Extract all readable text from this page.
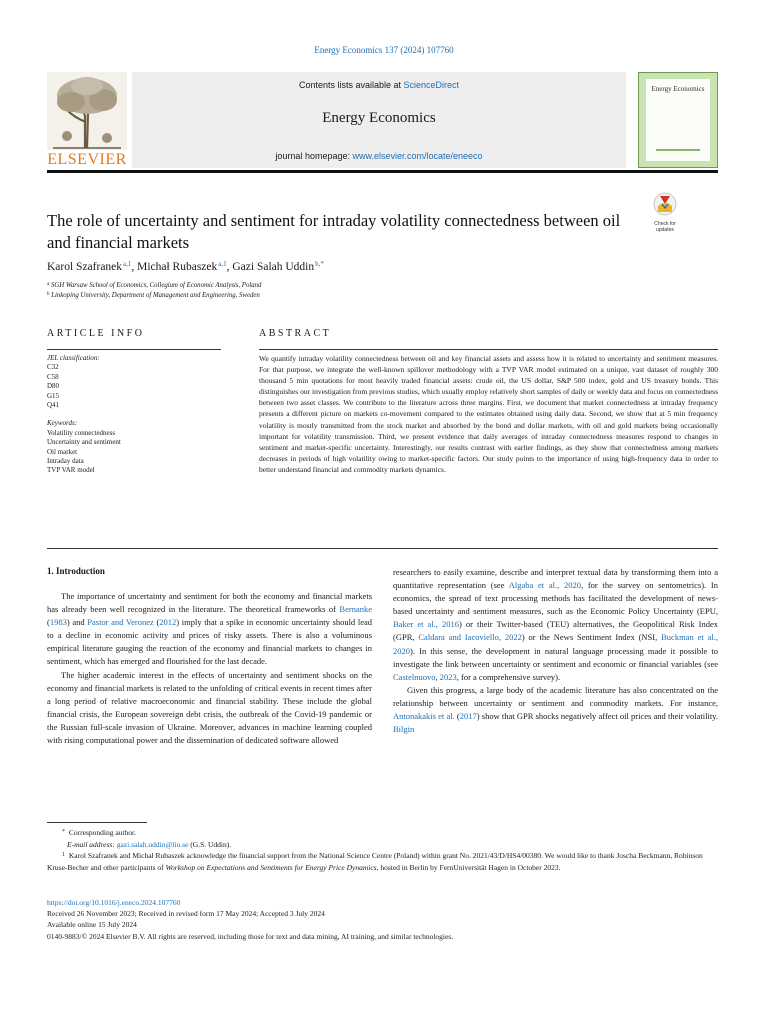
Energy Economics 137 (2024) 107760
ELSEVIER
Contents lists available at ScienceDirect
Energy Economics
journal homepage: www.elsevier.com/locate/eneeco
Energy Economics
The role of uncertainty and sentiment for intraday volatility connectedness between oil and financial markets
Check for updates
Karol Szafranek $^{a,1}$, Michał Rubaszek $^{a,1}$, Gazi Salah Uddin $^{b,*}$
$^a$ SGH Warsaw School of Economics, Collegium of Economic Analysis, Poland
$^b$ Linkoping University, Department of Management and Engineering, Sweden
ARTICLE INFO	ABSTRACT
JEL classification:
C32
C58
D80
G15
Q41
Keywords:
Volatility connectedness
Uncertainty and sentiment
Oil market
Intraday data
TVP VAR model
We quantify intraday volatility connectedness between oil and key financial assets and assess how it is related to uncertainty and sentiment measures. For that purpose, we integrate the well-known spillover methodology with a TVP VAR model estimated on a unique, vast dataset of roughly 300 thousand 5 min quotations for most heavily traded financial assets: crude oil, the US dollar, S&P 500 index, gold and US treasury bonds. This distinguishes our investigation from previous studies, which usually employ relatively short samples of daily or weekly data and focus on connectedness between two asset classes. We contribute to the literature across three margins. First, we document that market connectedness at intraday frequency presents a different picture on markets co-movement compared to the estimates obtained using daily data. Second, we show that at 5 min frequency volatility is mostly transmitted from the stock market and absorbed by the bond and dollar markets, with oil and gold markets being occasionally important for volatility transmission. Third, we present evidence that daily averages of intraday connectedness measures respond to changes in sentiment and market-specific uncertainty. Interestingly, our results contrast with earlier findings, as they show that connectedness among markets decreases in periods of high volatility owing to market-specific factors. Our study points to the importance of using high-frequency data in order to better understand financial and commodity markets dynamics.
1. Introduction

The importance of uncertainty and sentiment for both the economy and financial markets has already been well recognized in the literature. The theoretical frameworks of Bernanke (1983) and Pastor and Veronez (2012) imply that a spike in economic uncertainty should lead to a decline in economic activity and prices of risky assets. There is also a voluminous empirical literature gauging the reaction of the economy and financial markets to changes in sentiment, which has emerged and flourished for the last decade.

The higher academic interest in the effects of uncertainty and sentiment shocks on the economy and financial markets is related to the unfolding of critical events in recent times after a long period of relative macroeconomic and financial stability. These include the global financial crisis, the European sovereign debt crisis, the outbreak of the Covid-19 pandemic or the Russian full-scale invasion of Ukraine. Moreover, advances in machine learning coupled with rising computational power and the dissemination of dedicated software allowed

researchers to easily examine, describe and interpret textual data by transforming them into a quantitative representation (see Algaba et al., 2020, for the survey on sentometrics). In economics, the spread of text processing methods has facilitated the development of news-based uncertainty and sentiment measures, such as the Economic Policy Uncertainty (EPU, Baker et al., 2016) or their Twitter-based (TEU) alternatives, the Geopolitical Risk Index (GPR, Caldara and Iacoviello, 2022) or the News Sentiment Index (NSI, Buckman et al., 2020). In this sense, the development in natural language processing made it possible to investigate the link between uncertainty or sentiment and economic or financial variables (see Castelnuovo, 2023, for a comprehensive survey).

Given this progress, a large body of the academic literature has also concentrated on the relationship between uncertainty or sentiment and commodity markets. For instance, Antonakakis et al. (2017) show that GPR shocks negatively affect oil prices and their volatility. Bilgin

* Corresponding author.
E-mail address: gazi.salah.uddin@liu.se (G.S. Uddin).
1 Karol Szafranek and Michał Rubaszek acknowledge the financial support from the National Science Centre (Poland) within grant No. 2021/43/D/HS4/00380. We would like to thank Joscha Beckmann, Robinson Kruse-Becher and other participants of Workshop on Expectations and Sentiments for Energy Price Dynamics, hosted in Berlin by FernUniversität Hagen in October 2023.
https://doi.org/10.1016/j.eneco.2024.107760
Received 26 November 2023; Received in revised form 17 May 2024; Accepted 3 July 2024
Available online 15 July 2024
0140-9883/© 2024 Elsevier B.V. All rights are reserved, including those for text and data mining, AI training, and similar technologies.
